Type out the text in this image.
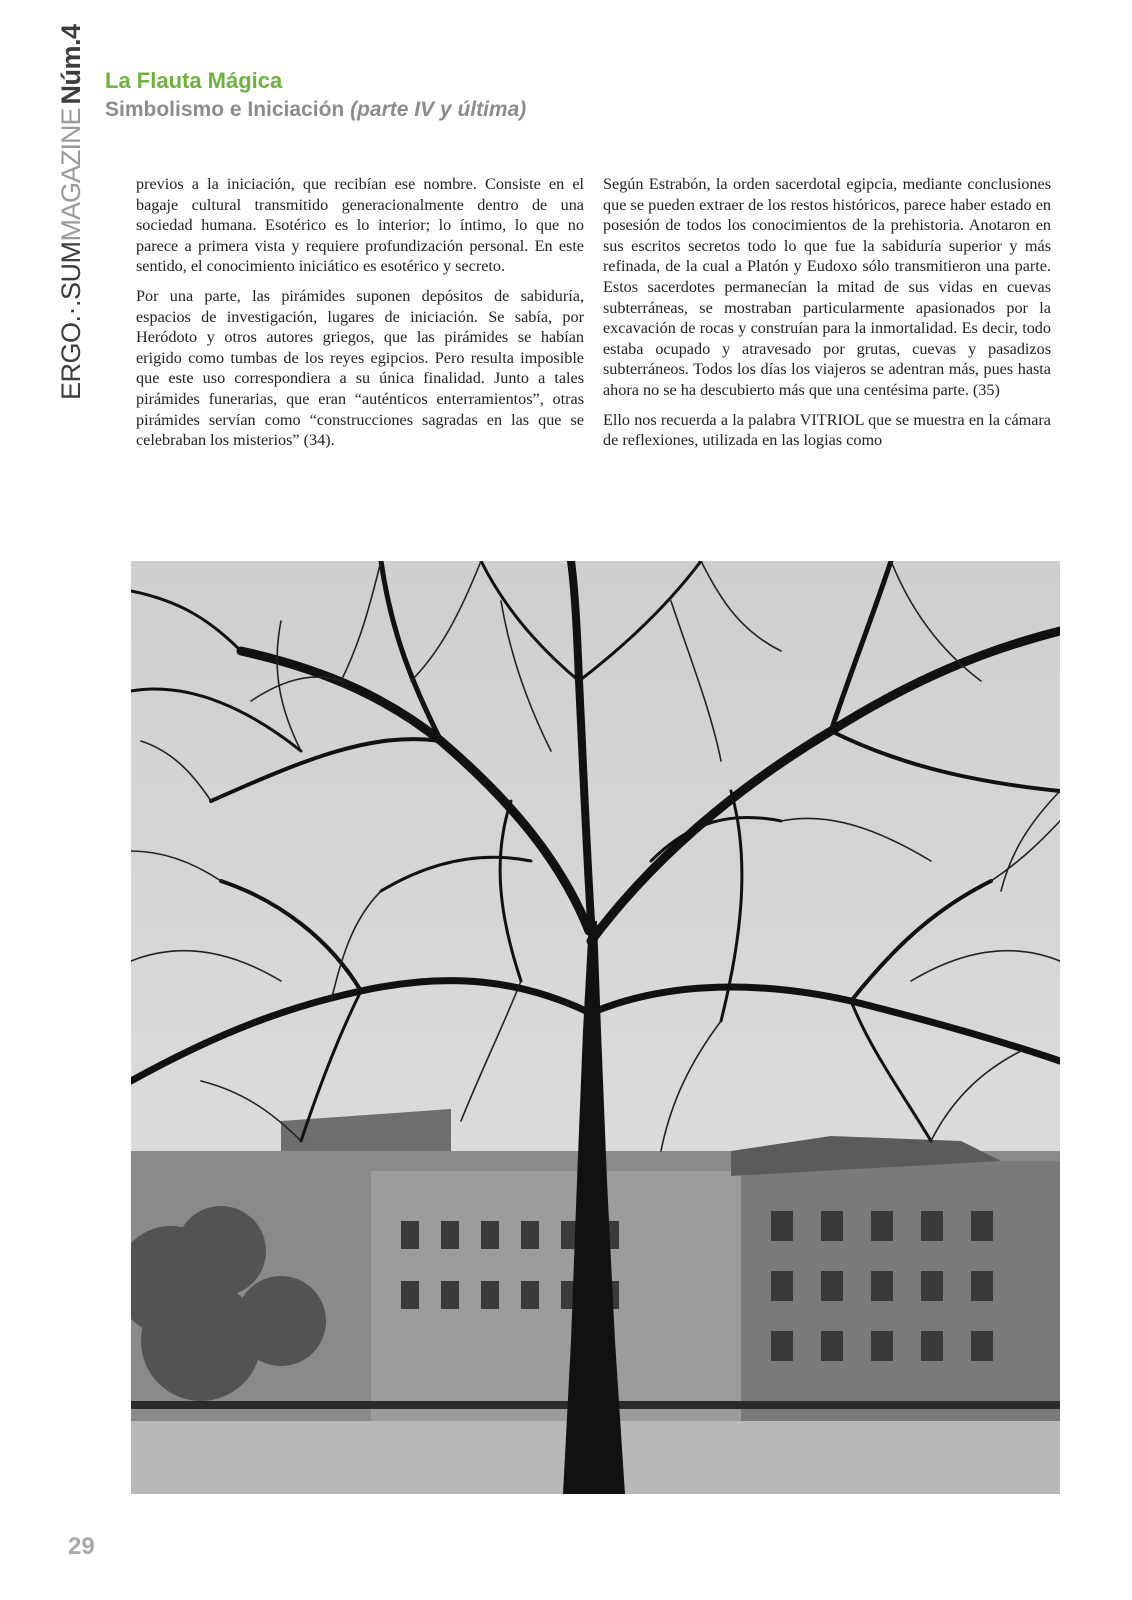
ERGO.·.SUMMAGAZINENúm.4 La Flauta Mágica
Simbolismo e Iniciación (parte IV y última)

previos a la iniciación, que recibían ese nombre. Consiste en el bagaje cultural transmitido generacionalmente dentro de una sociedad humana. Esotérico es lo interior; lo íntimo, lo que no parece a primera vista y requiere profundización personal. En este sentido, el conocimiento iniciático es esotérico y secreto.

Por una parte, las pirámides suponen depósitos de sabiduría, espacios de investigación, lugares de iniciación. Se sabía, por Heródoto y otros autores griegos, que las pirámides se habían erigido como tumbas de los reyes egipcios. Pero resulta imposible que este uso correspondiera a su única finalidad. Junto a tales pirámides funerarias, que eran “auténticos enterramientos”, otras pirámides servían como “construcciones sagradas en las que se celebraban los misterios” (34).

Según Estrabón, la orden sacerdotal egipcia, mediante conclusiones que se pueden extraer de los restos históricos, parece haber estado en posesión de todos los conocimientos de la prehistoria. Anotaron en sus escritos secretos todo lo que fue la sabiduría superior y más refinada, de la cual a Platón y Eudoxo sólo transmitieron una parte. Estos sacerdotes permanecían la mitad de sus vidas en cuevas subterráneas, se mostraban particularmente apasionados por la excavación de rocas y construían para la inmortalidad. Es decir, todo estaba ocupado y atravesado por grutas, cuevas y pasadizos subterráneos. Todos los días los viajeros se adentran más, pues hasta ahora no se ha descubierto más que una centésima parte. (35)

Ello nos recuerda a la palabra VITRIOL que se muestra en la cámara de reflexiones, utilizada en las logias como

29
